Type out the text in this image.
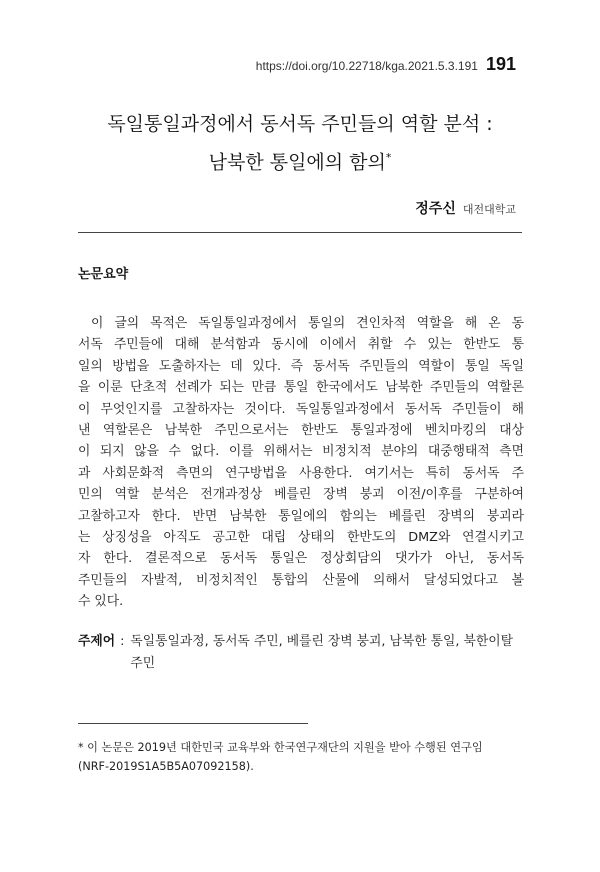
https://doi.org/10.22718/kga.2021.5.3.191 191
독일통일과정에서 동서독 주민들의 역할 분석 :
남북한 통일에의 함의*
정주신 대전대학교
논문요약

이 글의 목적은 독일통일과정에서 통일의 견인차적 역할을 해 온 동
서독 주민들에 대해 분석함과 동시에 이에서 취할 수 있는 한반도 통
일의 방법을 도출하자는 데 있다. 즉 동서독 주민들의 역할이 통일 독일
을 이룬 단초적 선례가 되는 만큼 통일 한국에서도 남북한 주민들의 역할론
이 무엇인지를 고찰하자는 것이다. 독일통일과정에서 동서독 주민들이 해
낸 역할론은 남북한 주민으로서는 한반도 통일과정에 벤치마킹의 대상
이 되지 않을 수 없다. 이를 위해서는 비정치적 분야의 대중행태적 측면
과 사회문화적 측면의 연구방법을 사용한다. 여기서는 특히 동서독 주
민의 역할 분석은 전개과정상 베를린 장벽 붕괴 이전/이후를 구분하여
고찰하고자 한다. 반면 남북한 통일에의 함의는 베를린 장벽의 붕괴라
는 상징성을 아직도 공고한 대립 상태의 한반도의 DMZ와 연결시키고
자 한다. 결론적으로 동서독 통일은 정상회담의 댓가가 아닌, 동서독
주민들의 자발적, 비정치적인 통합의 산물에 의해서 달성되었다고 볼
수 있다.

주제어 : 독일통일과정, 동서독 주민, 베를린 장벽 붕괴, 남북한 통일, 북한이탈주민
* 이 논문은 2019년 대한민국 교육부와 한국연구재단의 지원을 받아 수행된 연구임
(NRF-2019S1A5B5A07092158).
